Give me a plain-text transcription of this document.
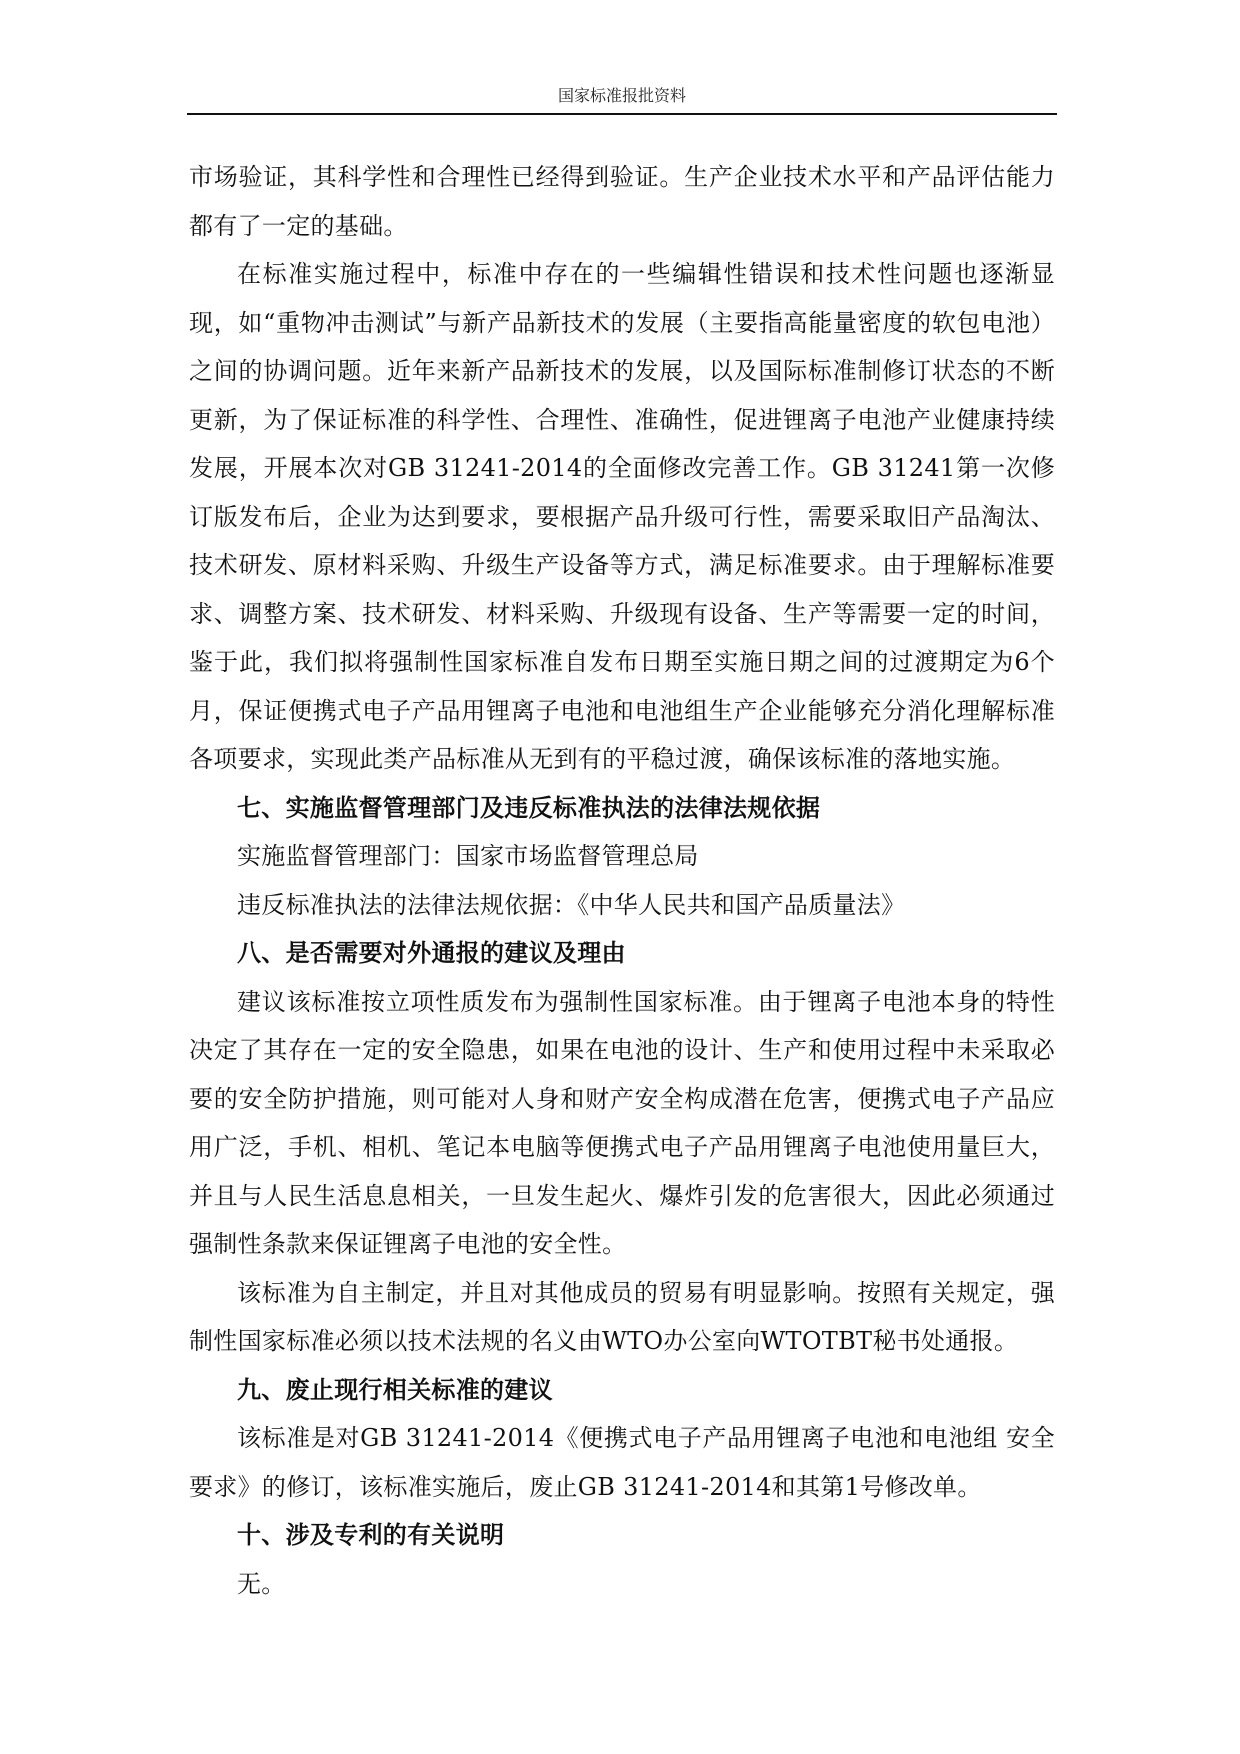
国家标准报批资料

市场验证，其科学性和合理性已经得到验证。生产企业技术水平和产品评估能力都有了一定的基础。

在标准实施过程中，标准中存在的一些编辑性错误和技术性问题也逐渐显现，如“重物冲击测试”与新产品新技术的发展（主要指高能量密度的软包电池）之间的协调问题。近年来新产品新技术的发展，以及国际标准制修订状态的不断更新，为了保证标准的科学性、合理性、准确性，促进锂离子电池产业健康持续发展，开展本次对GB 31241-2014的全面修改完善工作。GB 31241第一次修订版发布后，企业为达到要求，要根据产品升级可行性，需要采取旧产品淘汰、技术研发、原材料采购、升级生产设备等方式，满足标准要求。由于理解标准要求、调整方案、技术研发、材料采购、升级现有设备、生产等需要一定的时间，鉴于此，我们拟将强制性国家标准自发布日期至实施日期之间的过渡期定为6个月，保证便携式电子产品用锂离子电池和电池组生产企业能够充分消化理解标准各项要求，实现此类产品标准从无到有的平稳过渡，确保该标准的落地实施。

七、实施监督管理部门及违反标准执法的法律法规依据

实施监督管理部门：国家市场监督管理总局

违反标准执法的法律法规依据：《中华人民共和国产品质量法》

八、是否需要对外通报的建议及理由

建议该标准按立项性质发布为强制性国家标准。由于锂离子电池本身的特性决定了其存在一定的安全隐患，如果在电池的设计、生产和使用过程中未采取必要的安全防护措施，则可能对人身和财产安全构成潜在危害，便携式电子产品应用广泛，手机、相机、笔记本电脑等便携式电子产品用锂离子电池使用量巨大，并且与人民生活息息相关，一旦发生起火、爆炸引发的危害很大，因此必须通过强制性条款来保证锂离子电池的安全性。

该标准为自主制定，并且对其他成员的贸易有明显影响。按照有关规定，强制性国家标准必须以技术法规的名义由WTO办公室向WTOTBT秘书处通报。

九、废止现行相关标准的建议

该标准是对GB 31241-2014《便携式电子产品用锂离子电池和电池组 安全要求》的修订，该标准实施后，废止GB 31241-2014和其第1号修改单。

十、涉及专利的有关说明

无。
